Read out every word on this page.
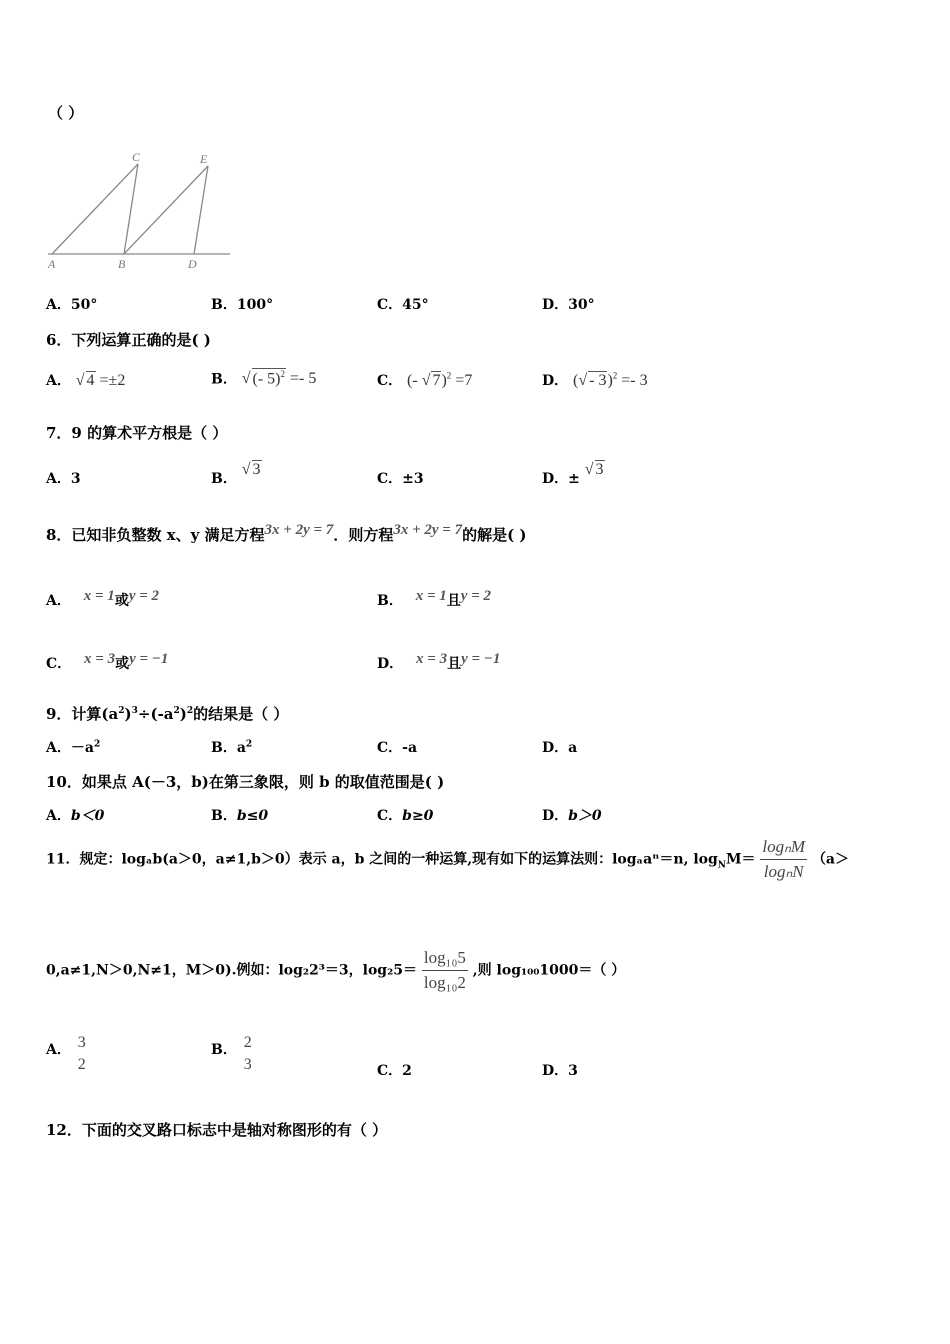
（ ）
A	B
C
D
E
A．50°	B．100°	C．45°	D．30°
6．下列运算正确的是( )
A． √ 4 =±2	B． √ (- 5)$^2$ =- 5	C． (- √ 7)$^2$ =7	D． (√ - 3)$^2$ =- 3
7．9 的算术平方根是（ ）
A．3	B． √ 3
C．±3	D．± √ 3
8．已知非负整数 x、y 满足方程3x + 2y = 7．则方程3x + 2y = 7的解是( )
A． x = 1或y = 2	B． x = 1且y = 2
C． x = 3或y = −1	D． x = 3且y = −1
9．计算$(a^2)^3\div(-a^2)^2$的结果是（ ）
A．$-a^2$	B．$a^2$	C．-a	D．a
10．如果点 A(－3，b)在第三象限，则 b 的取值范围是( )
A．b＜0	B．b≤0	C．b≥0	D．b＞0
11．规定：logₐb(a＞0，a≠1,b＞0）表示 a，b 之间的一种运算,现有如下的运算法则：logₐaⁿ＝n, $\log_NM= \frac{\text{logₙM}}{\text{logₙN}} (a>$
0,a≠1,N＞0,N≠1，M＞0).例如：log₂2³＝3，$\log_25= \frac{\text{log₁₀5}}{\text{log₁₀2}}$ ,则 log₁₀₀1000＝（ ）
A． 3
2
B． 2
3	C．2	D．3
12．下面的交叉路口标志中是轴对称图形的有（ ）
